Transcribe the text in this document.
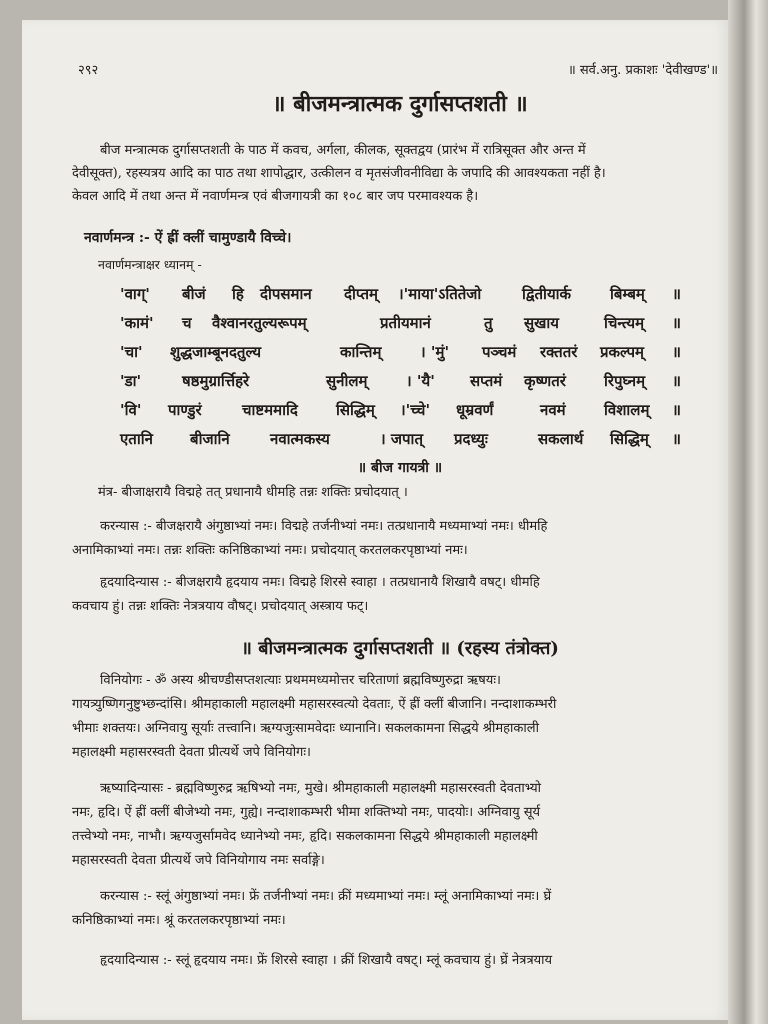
२९२	॥ सर्व.अनु. प्रकाशः 'देवीखण्ड'॥
॥ बीजमन्त्रात्मक दुर्गासप्तशती ॥

बीज मन्त्रात्मक दुर्गासप्तशती के पाठ में कवच, अर्गला, कीलक, सूक्तद्वय (प्रारंभ में रात्रिसूक्त और अन्त में

देवीसूक्त), रहस्यत्रय आदि का पाठ तथा शापोद्धार, उत्कीलन व मृतसंजीवनीविद्या के जपादि की आवश्यकता नहीं है।

केवल आदि में तथा अन्त में नवार्णमन्त्र एवं बीजगायत्री का १०८ बार जप परमावश्यक है।

नवार्णमन्त्र :- ऐं ह्रीं क्लीं चामुण्डायै विच्चे।
नवार्णमन्त्राक्षर ध्यानम् -
'वाग्' बीजं हि दीपसमान दीप्तम् ।'माया'ऽतितेजो	द्वितीयार्क	बिम्बम् ॥
'कामं' च वैश्वानरतुल्यरूपम्	प्रतीयमानं	तु सुखाय	चिन्त्यम् ॥
'चा' शुद्धजाम्बूनदतुल्य	कान्तिम्	। 'मुं' पञ्चमं रक्ततरं प्रकल्पम् ॥
'डा'	षष्ठमुग्रार्त्तिहरे	सुनीलम्	। 'यै' सप्तमं कृष्णतरं	रिपुघ्नम् ॥
'वि' पाण्डुरं	चाष्टममादि	सिद्धिम् ।'च्चे' धूम्रवर्णं	नवमं	विशालम् ॥
एतानि बीजानि	नवात्मकस्य	। जपात् प्रदध्युः	सकलार्थ सिद्धिम् ॥
॥ बीज गायत्री ॥

मंत्र- बीजाक्षरायै विद्महे तत् प्रधानायै धीमहि तन्नः शक्तिः प्रचोदयात् ।

करन्यास :- बीजक्षरायै अंगुष्ठाभ्यां नमः। विद्महे तर्जनीभ्यां नमः। तत्प्रधानायै मध्यमाभ्यां नमः। धीमहि

अनामिकाभ्यां नमः। तन्नः शक्तिः कनिष्ठिकाभ्यां नमः। प्रचोदयात् करतलकरपृष्ठाभ्यां नमः।

हृदयादिन्यास :- बीजक्षरायै हृदयाय नमः। विद्महे शिरसे स्वाहा । तत्प्रधानायै शिखायै वषट्। धीमहि

कवचाय हुं। तन्नः शक्तिः नेत्रत्रयाय वौषट्। प्रचोदयात् अस्त्राय फट्।

॥ बीजमन्त्रात्मक दुर्गासप्तशती ॥ (रहस्य तंत्रोक्त)

विनियोगः - ॐ अस्य श्रीचण्डीसप्तशत्याः प्रथममध्यमोत्तर चरिताणां ब्रह्मविष्णुरुद्रा ऋषयः।

गायत्र्युष्णिगनुष्टुभ्छन्दांसि। श्रीमहाकाली महालक्ष्मी महासरस्वत्यो देवताः, ऐं ह्रीं क्लीं बीजानि। नन्दाशाकम्भरी

भीमाः शक्तयः। अग्निवायु सूर्याः तत्त्वानि। ऋग्यजुःसामवेदाः ध्यानानि। सकलकामना सिद्धये श्रीमहाकाली

महालक्ष्मी महासरस्वती देवता प्रीत्यर्थे जपे विनियोगः।

ऋष्यादिन्यासः - ब्रह्मविष्णुरुद्र ऋषिभ्यो नमः, मुखे। श्रीमहाकाली महालक्ष्मी महासरस्वती देवताभ्यो

नमः, हृदि। ऐं ह्रीं क्लीं बीजेभ्यो नमः, गुह्ये। नन्दाशाकम्भरी भीमा शक्तिभ्यो नमः, पादयोः। अग्निवायु सूर्य

तत्त्वेभ्यो नमः, नाभौ। ऋग्यजुर्सामवेद ध्यानेभ्यो नमः, हृदि। सकलकामना सिद्धये श्रीमहाकाली महालक्ष्मी

महासरस्वती देवता प्रीत्यर्थे जपे विनियोगाय नमः सर्वाङ्गे।

करन्यास :- स्लूं अंगुष्ठाभ्यां नमः। फ्रें तर्जनीभ्यां नमः। क्रीं मध्यमाभ्यां नमः। म्लूं अनामिकाभ्यां नमः। घ्रें

कनिष्ठिकाभ्यां नमः। श्रूं करतलकरपृष्ठाभ्यां नमः।

हृदयादिन्यास :- स्लूं हृदयाय नमः। फ्रें शिरसे स्वाहा । क्रीं शिखायै वषट्। म्लूं कवचाय हुं। घ्रें नेत्रत्रयाय
